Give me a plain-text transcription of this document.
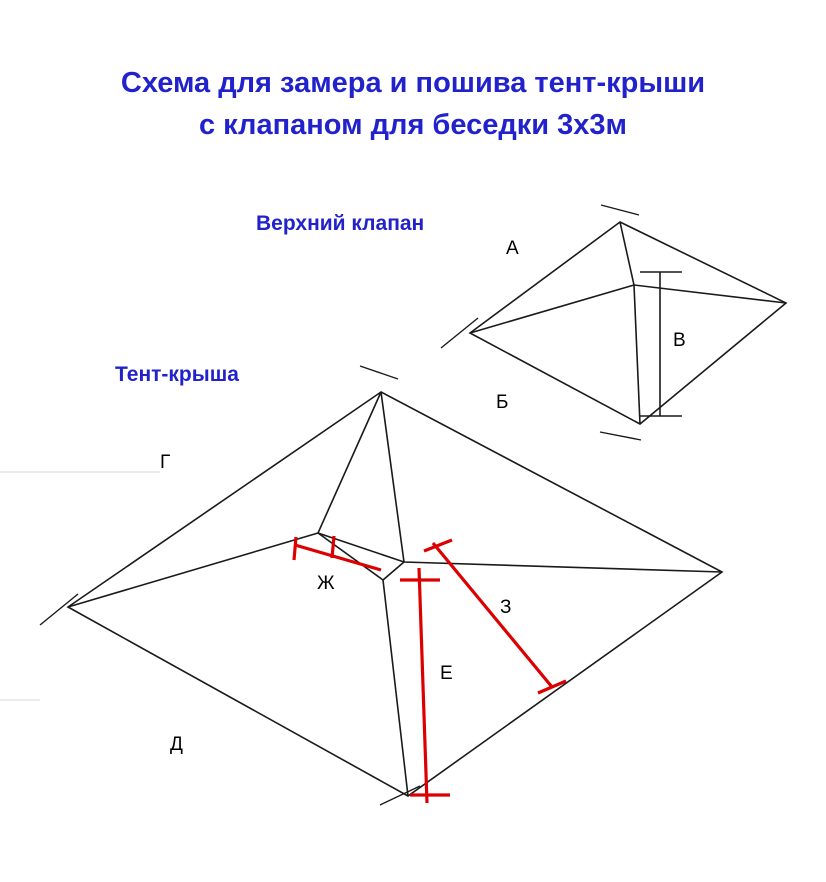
Схема для замера и пошива тент-крыши
с клапаном для беседки 3х3м
Верхний клапан
Тент-крыша
А
Б
В
Г
Д
Е
Ж
З
